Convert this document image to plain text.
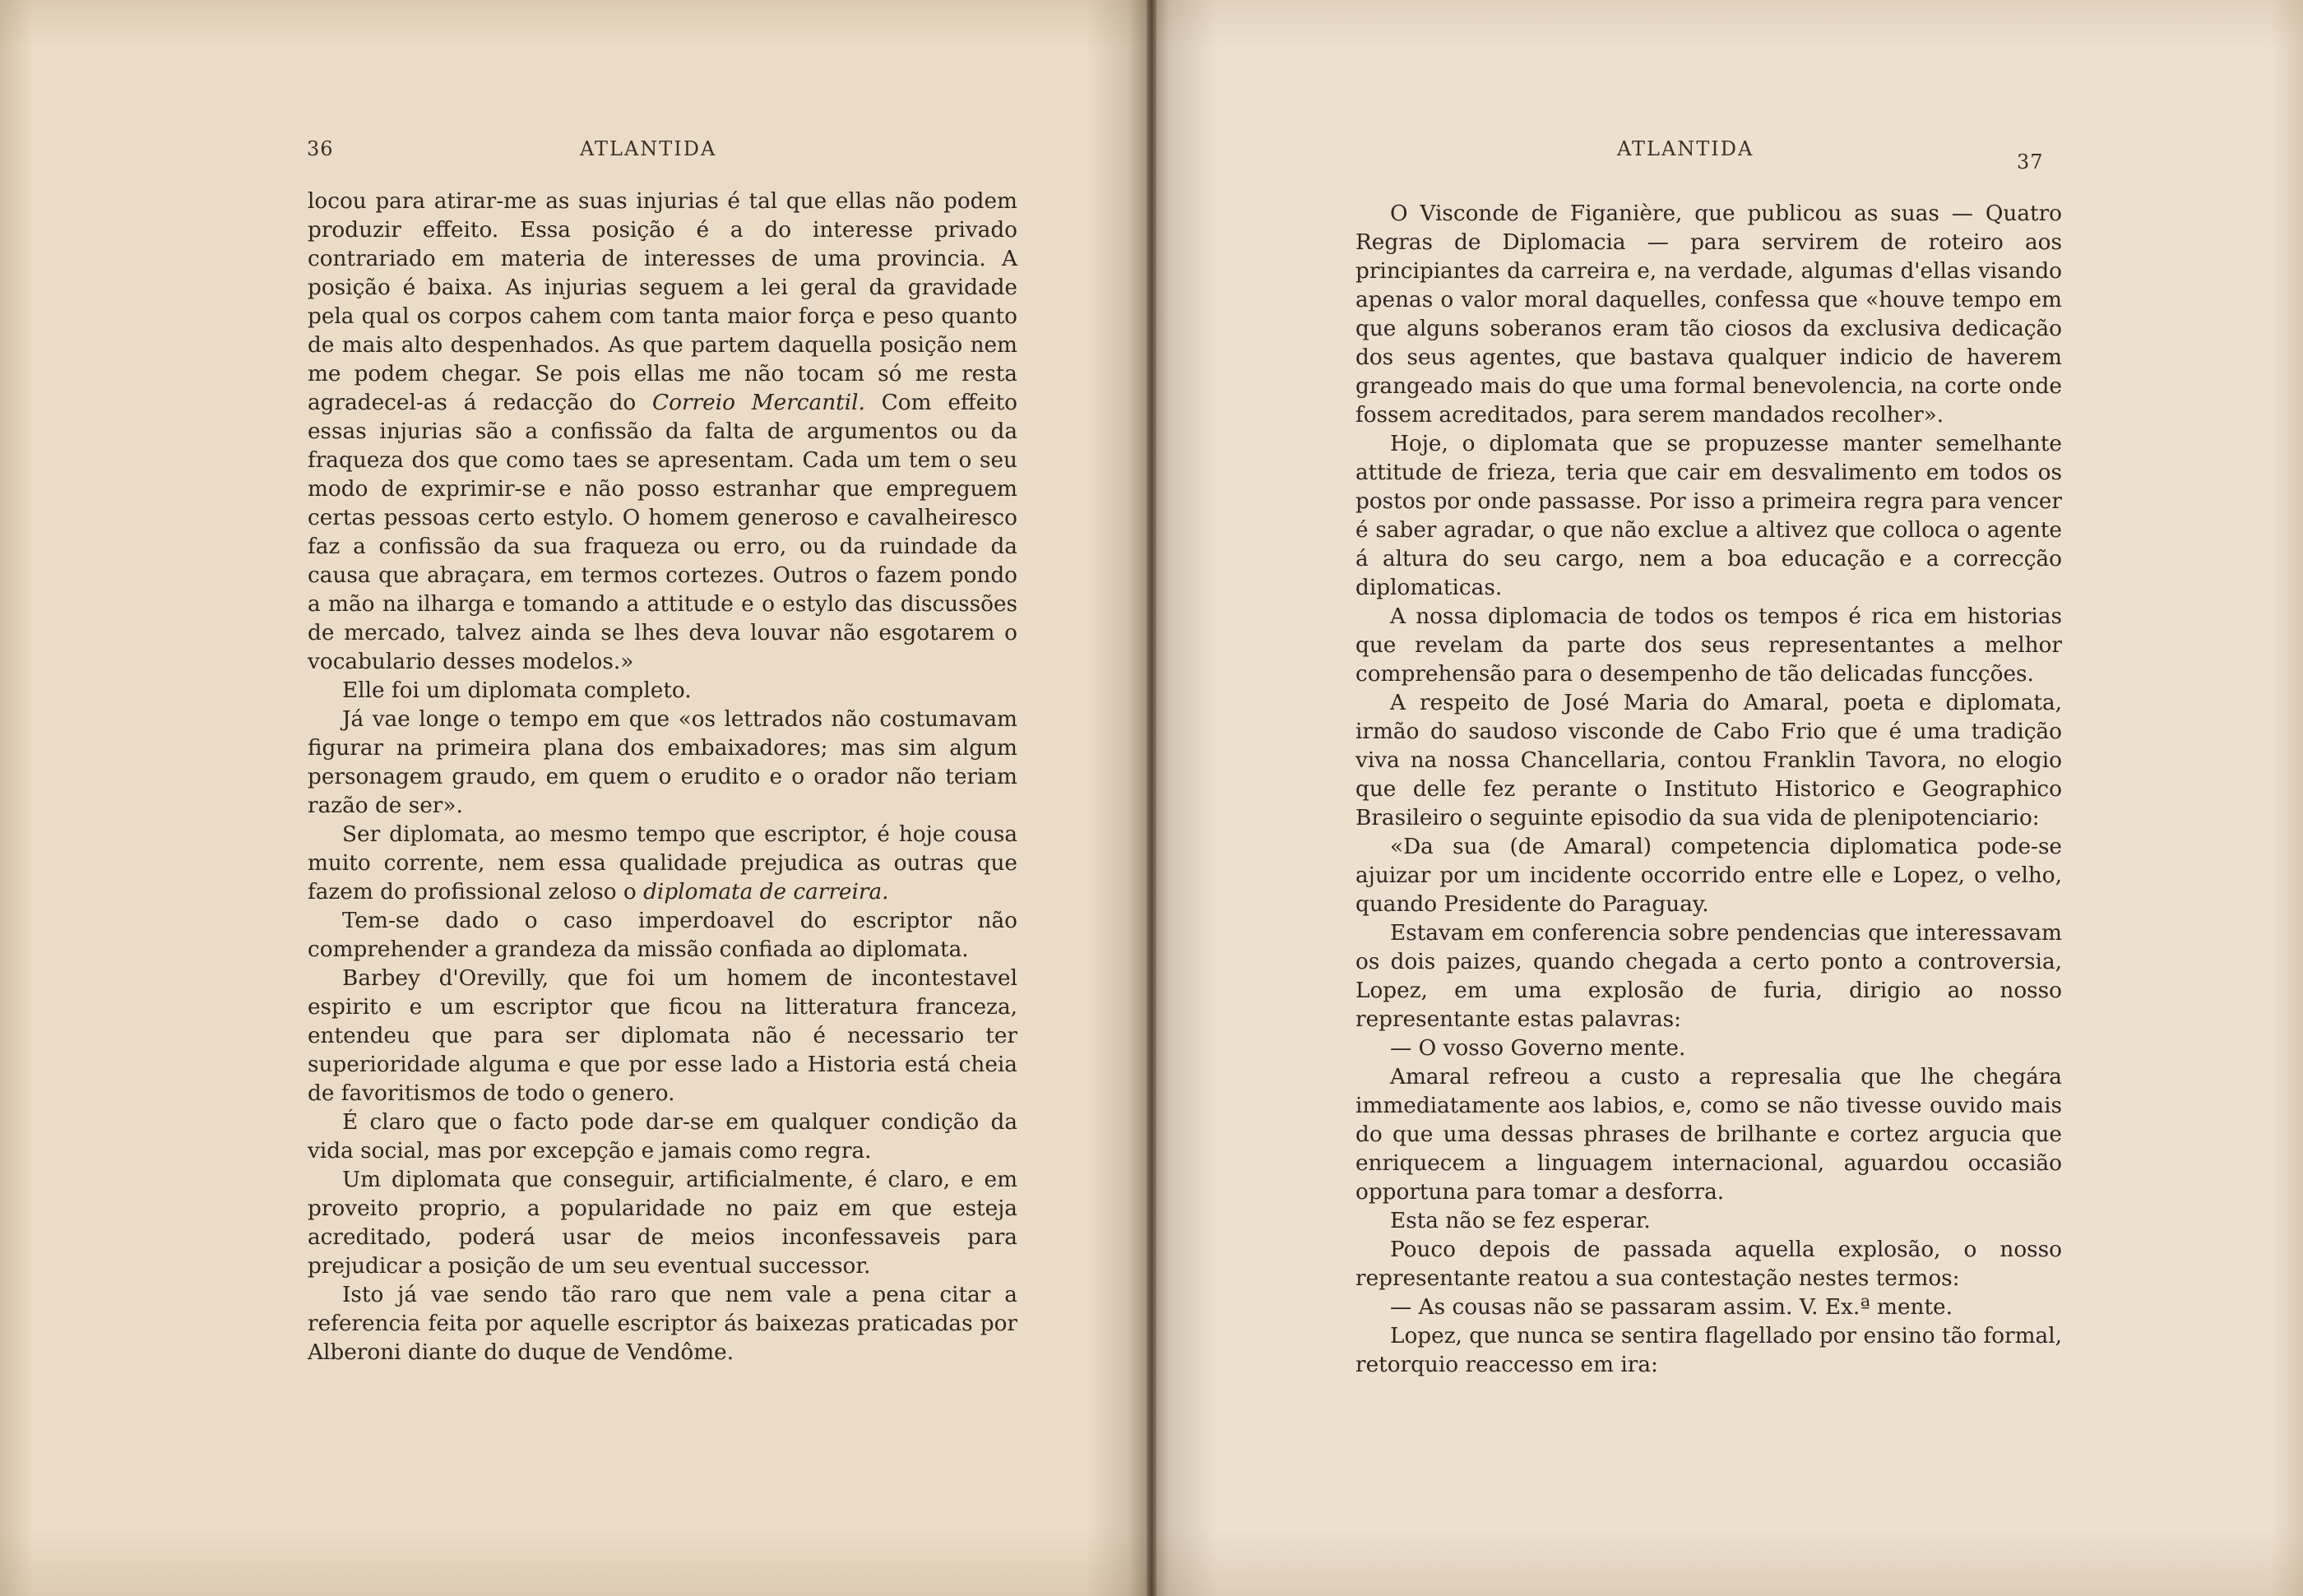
36	ATLANTIDA

locou para atirar-me as suas injurias é tal que ellas não podem produzir effeito. Essa posição é a do interesse privado contrariado em materia de interesses de uma provincia. A posição é baixa. As injurias seguem a lei geral da gravidade pela qual os corpos cahem com tanta maior força e peso quanto de mais alto despenhados. As que partem daquella posição nem me podem chegar. Se pois ellas me não tocam só me resta agradecel-as á redacção do Correio Mercantil. Com effeito essas injurias são a confissão da falta de argumentos ou da fraqueza dos que como taes se apresentam. Cada um tem o seu modo de exprimir-se e não posso estranhar que empreguem certas pessoas certo estylo. O homem generoso e cavalheiresco faz a confissão da sua fraqueza ou erro, ou da ruindade da causa que abraçara, em termos cortezes. Outros o fazem pondo a mão na ilharga e tomando a attitude e o estylo das discussões de mercado, talvez ainda se lhes deva louvar não esgotarem o vocabulario desses modelos.»

Elle foi um diplomata completo.

Já vae longe o tempo em que «os lettrados não costumavam figurar na primeira plana dos embaixadores; mas sim algum personagem graudo, em quem o erudito e o orador não teriam razão de ser».

Ser diplomata, ao mesmo tempo que escriptor, é hoje cousa muito corrente, nem essa qualidade prejudica as outras que fazem do profissional zeloso o diplomata de carreira.

Tem-se dado o caso imperdoavel do escriptor não comprehender a grandeza da missão confiada ao diplomata.

Barbey d'Orevilly, que foi um homem de incontestavel espirito e um escriptor que ficou na litteratura franceza, entendeu que para ser diplomata não é necessario ter superioridade alguma e que por esse lado a Historia está cheia de favoritismos de todo o genero.

É claro que o facto pode dar-se em qualquer condição da vida social, mas por excepção e jamais como regra.

Um diplomata que conseguir, artificialmente, é claro, e em proveito proprio, a popularidade no paiz em que esteja acreditado, poderá usar de meios inconfessaveis para prejudicar a posição de um seu eventual successor.

Isto já vae sendo tão raro que nem vale a pena citar a referencia feita por aquelle escriptor ás baixezas praticadas por Alberoni diante do duque de Vendôme.

ATLANTIDA

37

O Visconde de Figanière, que publicou as suas — Quatro Regras de Diplomacia — para servirem de roteiro aos principiantes da carreira e, na verdade, algumas d'ellas visando apenas o valor moral daquelles, confessa que «houve tempo em que alguns soberanos eram tão ciosos da exclusiva dedicação dos seus agentes, que bastava qualquer indicio de haverem grangeado mais do que uma formal benevolencia, na corte onde fossem acreditados, para serem mandados recolher».

Hoje, o diplomata que se propuzesse manter semelhante attitude de frieza, teria que cair em desvalimento em todos os postos por onde passasse. Por isso a primeira regra para vencer é saber agradar, o que não exclue a altivez que colloca o agente á altura do seu cargo, nem a boa educação e a correcção diplomaticas.

A nossa diplomacia de todos os tempos é rica em historias que revelam da parte dos seus representantes a melhor comprehensão para o desempenho de tão delicadas funcções.

A respeito de José Maria do Amaral, poeta e diplomata, irmão do saudoso visconde de Cabo Frio que é uma tradição viva na nossa Chancellaria, contou Franklin Tavora, no elogio que delle fez perante o Instituto Historico e Geographico Brasileiro o seguinte episodio da sua vida de plenipotenciario:

«Da sua (de Amaral) competencia diplomatica pode-se ajuizar por um incidente occorrido entre elle e Lopez, o velho, quando Presidente do Paraguay.

Estavam em conferencia sobre pendencias que interessavam os dois paizes, quando chegada a certo ponto a controversia, Lopez, em uma explosão de furia, dirigio ao nosso representante estas palavras:

— O vosso Governo mente.

Amaral refreou a custo a represalia que lhe chegára immediatamente aos labios, e, como se não tivesse ouvido mais do que uma dessas phrases de brilhante e cortez argucia que enriquecem a linguagem internacional, aguardou occasião opportuna para tomar a desforra.

Esta não se fez esperar.

Pouco depois de passada aquella explosão, o nosso representante reatou a sua contestação nestes termos:

— As cousas não se passaram assim. V. Ex.ª mente.

Lopez, que nunca se sentira flagellado por ensino tão formal, retorquio reaccesso em ira:
